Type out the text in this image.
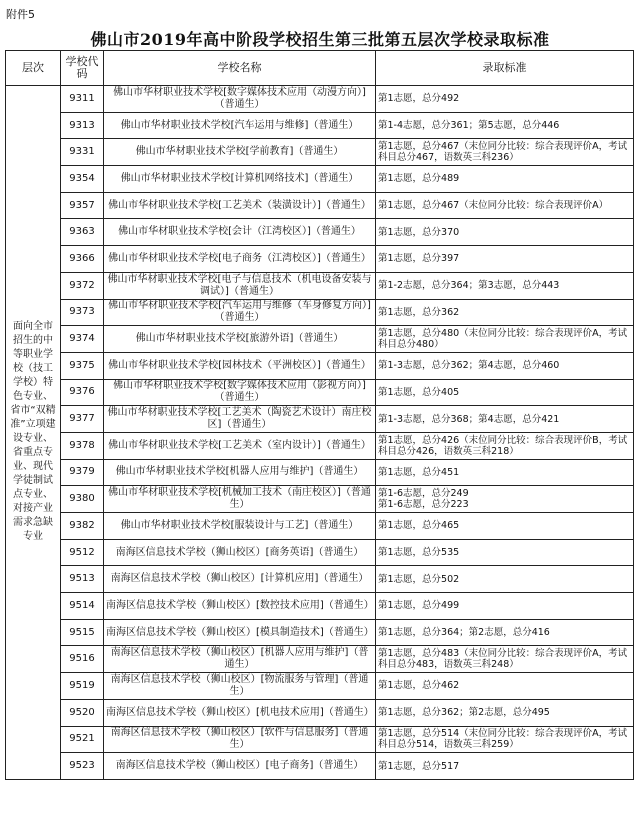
附件5
佛山市2019年高中阶段学校招生第三批第五层次学校录取标准
层次	学校代码	学校名称	录取标准
面向全市招生的中等职业学校（技工学校）特色专业、省市“双精准”立项建设专业、省重点专业、现代学徒制试点专业、对接产业需求急缺专业	9311	佛山市华材职业技术学校[数字媒体技术应用（动漫方向）]（普通生）	第1志愿，总分492
	9313	佛山市华材职业技术学校[汽车运用与维修]（普通生）	第1-4志愿，总分361；第5志愿，总分446
	9331	佛山市华材职业技术学校[学前教育]（普通生）	第1志愿，总分467（末位同分比较：综合表现评价A，考试科目总分467，语数英三科236）
	9354	佛山市华材职业技术学校[计算机网络技术]（普通生）	第1志愿，总分489
	9357	佛山市华材职业技术学校[工艺美术（装潢设计）]（普通生）	第1志愿，总分467（末位同分比较：综合表现评价A）
	9363	佛山市华材职业技术学校[会计（江湾校区）]（普通生）	第1志愿，总分370
	9366	佛山市华材职业技术学校[电子商务（江湾校区）]（普通生）	第1志愿，总分397
	9372	佛山市华材职业技术学校[电子与信息技术（机电设备安装与调试）]（普通生）	第1-2志愿，总分364；第3志愿，总分443
	9373	佛山市华材职业技术学校[汽车运用与维修（车身修复方向）]（普通生）	第1志愿，总分362
	9374	佛山市华材职业技术学校[旅游外语]（普通生）	第1志愿，总分480（末位同分比较：综合表现评价A，考试科目总分480）
	9375	佛山市华材职业技术学校[园林技术（平洲校区）]（普通生）	第1-3志愿，总分362；第4志愿，总分460
	9376	佛山市华材职业技术学校[数字媒体技术应用（影视方向）]（普通生）	第1志愿，总分405
	9377	佛山市华材职业技术学校[工艺美术（陶瓷艺术设计）南庄校区]（普通生）	第1-3志愿，总分368；第4志愿，总分421
	9378	佛山市华材职业技术学校[工艺美术（室内设计）]（普通生）	第1志愿，总分426（末位同分比较：综合表现评价B，考试科目总分426，语数英三科218）
	9379	佛山市华材职业技术学校[机器人应用与维护]（普通生）	第1志愿，总分451
	9380	佛山市华材职业技术学校[机械加工技术（南庄校区）]（普通生）	第1-6志愿，总分249
第1-6志愿，总分223
	9382	佛山市华材职业技术学校[服装设计与工艺]（普通生）	第1志愿，总分465
	9512	南海区信息技术学校（狮山校区）[商务英语]（普通生）	第1志愿，总分535
	9513	南海区信息技术学校（狮山校区）[计算机应用]（普通生）	第1志愿，总分502
	9514	南海区信息技术学校（狮山校区）[数控技术应用]（普通生）	第1志愿，总分499
	9515	南海区信息技术学校（狮山校区）[模具制造技术]（普通生）	第1志愿，总分364；第2志愿，总分416
	9516	南海区信息技术学校（狮山校区）[机器人应用与维护]（普通生）	第1志愿，总分483（末位同分比较：综合表现评价A，考试科目总分483，语数英三科248）
	9519	南海区信息技术学校（狮山校区）[物流服务与管理]（普通生）	第1志愿，总分462
	9520	南海区信息技术学校（狮山校区）[机电技术应用]（普通生）	第1志愿，总分362；第2志愿，总分495
	9521	南海区信息技术学校（狮山校区）[软件与信息服务]（普通生）	第1志愿，总分514（末位同分比较：综合表现评价A，考试科目总分514，语数英三科259）
	9523	南海区信息技术学校（狮山校区）[电子商务]（普通生）	第1志愿，总分517
